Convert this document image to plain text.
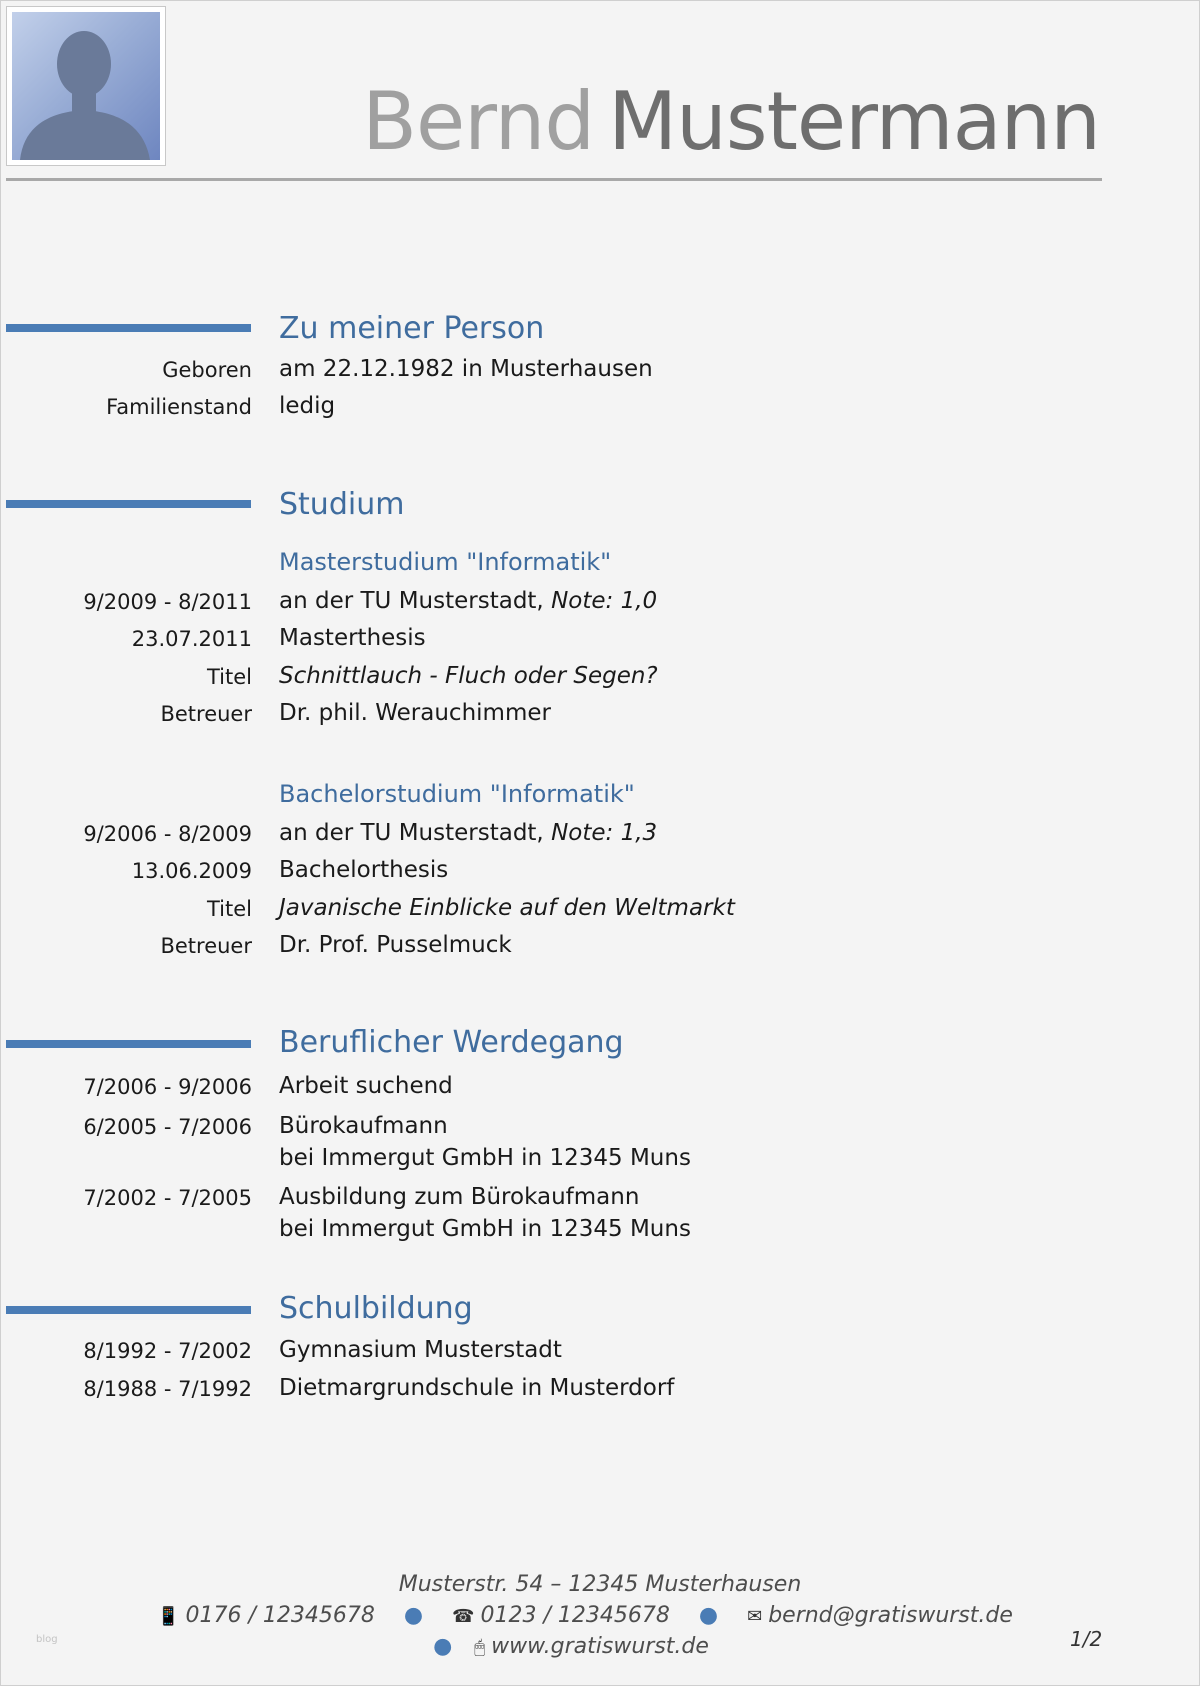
Bernd Mustermann
Zu meiner Person
Geboren am 22.12.1982 in Musterhausen
Familienstand ledig
Studium
Masterstudium "Informatik"
9/2009 - 8/2011 an der TU Musterstadt, Note: 1,0
23.07.2011 Masterthesis
Titel Schnittlauch - Fluch oder Segen?
Betreuer Dr. phil. Werauchimmer
Bachelorstudium "Informatik"
9/2006 - 8/2009 an der TU Musterstadt, Note: 1,3
13.06.2009 Bachelorthesis
Titel Javanische Einblicke auf den Weltmarkt
Betreuer Dr. Prof. Pusselmuck
Beruflicher Werdegang
7/2006 - 9/2006 Arbeit suchend
6/2005 - 7/2006 Bürokaufmann
bei Immergut GmbH in 12345 Muns
7/2002 - 7/2005 Ausbildung zum Bürokaufmann
bei Immergut GmbH in 12345 Muns
Schulbildung
8/1992 - 7/2002 Gymnasium Musterstadt
8/1988 - 7/1992 Dietmargrundschule in Musterdorf
Musterstr. 54 – 12345 Musterhausen
📱 0176 / 12345678 ● ☎ 0123 / 12345678 ● ✉ bernd@gratiswurst.de
● 🖱 www.gratiswurst.de	1/2
blog
